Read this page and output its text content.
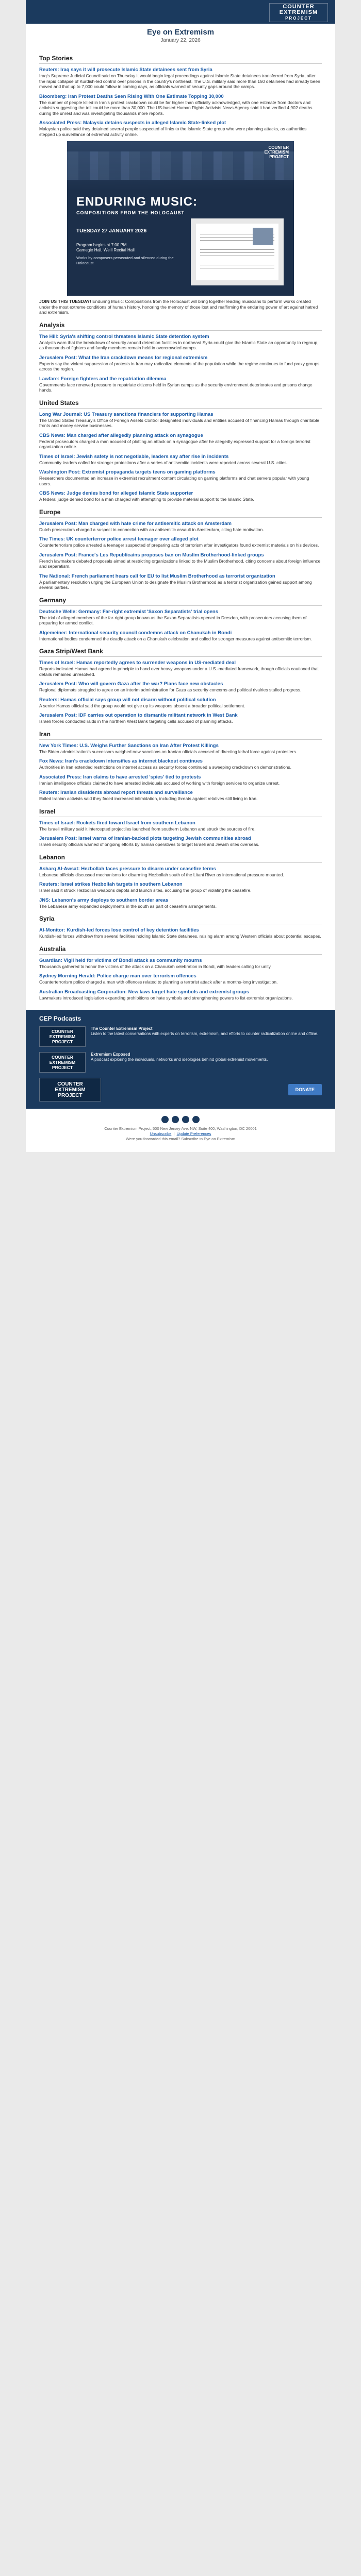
COUNTER
EXTREMISM
PROJECT
Eye on Extremism
January 22, 2026
Top Stories
Reuters: Iraq says it will prosecute Islamic State detainees sent from Syria

Iraq's Supreme Judicial Council said on Thursday it would begin legal proceedings against Islamic State detainees transferred from Syria, after the rapid collapse of Kurdish-led control over prisons in the country's northeast. The U.S. military said more than 150 detainees had already been moved and that up to 7,000 could follow in coming days, as officials warned of security gaps around the camps.

Bloomberg: Iran Protest Deaths Seen Rising With One Estimate Topping 30,000

The number of people killed in Iran's protest crackdown could be far higher than officially acknowledged, with one estimate from doctors and activists suggesting the toll could be more than 30,000. The US-based Human Rights Activists News Agency said it had verified 4,902 deaths during the unrest and was investigating thousands more reports.

Associated Press: Malaysia detains suspects in alleged Islamic State-linked plot

Malaysian police said they detained several people suspected of links to the Islamic State group who were planning attacks, as authorities stepped up surveillance of extremist activity online.

COUNTER
EXTREMISM
PROJECT
ENDURING MUSIC:
COMPOSITIONS FROM THE HOLOCAUST
TUESDAY 27 JANUARY 2026
Program begins at 7:00 PM
Carnegie Hall, Weill Recital Hall
Works by composers persecuted and silenced during the Holocaust
JOIN US THIS TUESDAY! Enduring Music: Compositions from the Holocaust will bring together leading musicians to perform works created under the most extreme conditions of human history, honoring the memory of those lost and reaffirming the enduring power of art against hatred and extremism.
Analysis
The Hill: Syria's shifting control threatens Islamic State detention system

Analysts warn that the breakdown of security around detention facilities in northeast Syria could give the Islamic State an opportunity to regroup, as thousands of fighters and family members remain held in overcrowded camps.

Jerusalem Post: What the Iran crackdown means for regional extremism

Experts say the violent suppression of protests in Iran may radicalize elements of the population while the regime continues to fund proxy groups across the region.

Lawfare: Foreign fighters and the repatriation dilemma

Governments face renewed pressure to repatriate citizens held in Syrian camps as the security environment deteriorates and prisons change hands.

United States
Long War Journal: US Treasury sanctions financiers for supporting Hamas

The United States Treasury's Office of Foreign Assets Control designated individuals and entities accused of financing Hamas through charitable fronts and money service businesses.

CBS News: Man charged after allegedly planning attack on synagogue

Federal prosecutors charged a man accused of plotting an attack on a synagogue after he allegedly expressed support for a foreign terrorist organization online.

Times of Israel: Jewish safety is not negotiable, leaders say after rise in incidents

Community leaders called for stronger protections after a series of antisemitic incidents were reported across several U.S. cities.

Washington Post: Extremist propaganda targets teens on gaming platforms

Researchers documented an increase in extremist recruitment content circulating on gaming platforms and chat servers popular with young users.

CBS News: Judge denies bond for alleged Islamic State supporter

A federal judge denied bond for a man charged with attempting to provide material support to the Islamic State.

Europe
Jerusalem Post: Man charged with hate crime for antisemitic attack on Amsterdam

Dutch prosecutors charged a suspect in connection with an antisemitic assault in Amsterdam, citing hate motivation.

The Times: UK counterterror police arrest teenager over alleged plot

Counterterrorism police arrested a teenager suspected of preparing acts of terrorism after investigators found extremist materials on his devices.

Jerusalem Post: France's Les Republicains proposes ban on Muslim Brotherhood-linked groups

French lawmakers debated proposals aimed at restricting organizations linked to the Muslim Brotherhood, citing concerns about foreign influence and separatism.

The National: French parliament hears call for EU to list Muslim Brotherhood as terrorist organization

A parliamentary resolution urging the European Union to designate the Muslim Brotherhood as a terrorist organization gained support among several parties.

Germany
Deutsche Welle: Germany: Far-right extremist 'Saxon Separatists' trial opens

The trial of alleged members of the far-right group known as the Saxon Separatists opened in Dresden, with prosecutors accusing them of preparing for armed conflict.

Algemeiner: International security council condemns attack on Chanukah in Bondi

International bodies condemned the deadly attack on a Chanukah celebration and called for stronger measures against antisemitic terrorism.

Gaza Strip/West Bank
Times of Israel: Hamas reportedly agrees to surrender weapons in US-mediated deal

Reports indicated Hamas had agreed in principle to hand over heavy weapons under a U.S.-mediated framework, though officials cautioned that details remained unresolved.

Jerusalem Post: Who will govern Gaza after the war? Plans face new obstacles

Regional diplomats struggled to agree on an interim administration for Gaza as security concerns and political rivalries stalled progress.

Reuters: Hamas official says group will not disarm without political solution

A senior Hamas official said the group would not give up its weapons absent a broader political settlement.

Jerusalem Post: IDF carries out operation to dismantle militant network in West Bank

Israeli forces conducted raids in the northern West Bank targeting cells accused of planning attacks.

Iran
New York Times: U.S. Weighs Further Sanctions on Iran After Protest Killings

The Biden administration's successors weighed new sanctions on Iranian officials accused of directing lethal force against protesters.

Fox News: Iran's crackdown intensifies as internet blackout continues

Authorities in Iran extended restrictions on internet access as security forces continued a sweeping crackdown on demonstrations.

Associated Press: Iran claims to have arrested 'spies' tied to protests

Iranian intelligence officials claimed to have arrested individuals accused of working with foreign services to organize unrest.

Reuters: Iranian dissidents abroad report threats and surveillance

Exiled Iranian activists said they faced increased intimidation, including threats against relatives still living in Iran.

Israel
Times of Israel: Rockets fired toward Israel from southern Lebanon

The Israeli military said it intercepted projectiles launched from southern Lebanon and struck the sources of fire.

Jerusalem Post: Israel warns of Iranian-backed plots targeting Jewish communities abroad

Israeli security officials warned of ongoing efforts by Iranian operatives to target Israeli and Jewish sites overseas.

Lebanon
Asharq Al-Awsat: Hezbollah faces pressure to disarm under ceasefire terms

Lebanese officials discussed mechanisms for disarming Hezbollah south of the Litani River as international pressure mounted.

Reuters: Israel strikes Hezbollah targets in southern Lebanon

Israel said it struck Hezbollah weapons depots and launch sites, accusing the group of violating the ceasefire.

JNS: Lebanon's army deploys to southern border areas

The Lebanese army expanded deployments in the south as part of ceasefire arrangements.

Syria
Al-Monitor: Kurdish-led forces lose control of key detention facilities

Kurdish-led forces withdrew from several facilities holding Islamic State detainees, raising alarm among Western officials about potential escapes.

Australia
Guardian: Vigil held for victims of Bondi attack as community mourns

Thousands gathered to honor the victims of the attack on a Chanukah celebration in Bondi, with leaders calling for unity.

Sydney Morning Herald: Police charge man over terrorism offences

Counterterrorism police charged a man with offences related to planning a terrorist attack after a months-long investigation.

Australian Broadcasting Corporation: New laws target hate symbols and extremist groups

Lawmakers introduced legislation expanding prohibitions on hate symbols and strengthening powers to list extremist organizations.

CEP Podcasts
COUNTER EXTREMISM PROJECT
The Counter Extremism Project
Listen to the latest conversations with experts on terrorism, extremism, and efforts to counter radicalization online and offline.
COUNTER EXTREMISM PROJECT
Extremism Exposed
A podcast exploring the individuals, networks and ideologies behind global extremist movements.
COUNTER
EXTREMISM
PROJECT
DONATE
Counter Extremism Project, 500 New Jersey Ave. NW, Suite 400, Washington, DC 20001
Unsubscribe  |  Update Preferences
Were you forwarded this email? Subscribe to Eye on Extremism
